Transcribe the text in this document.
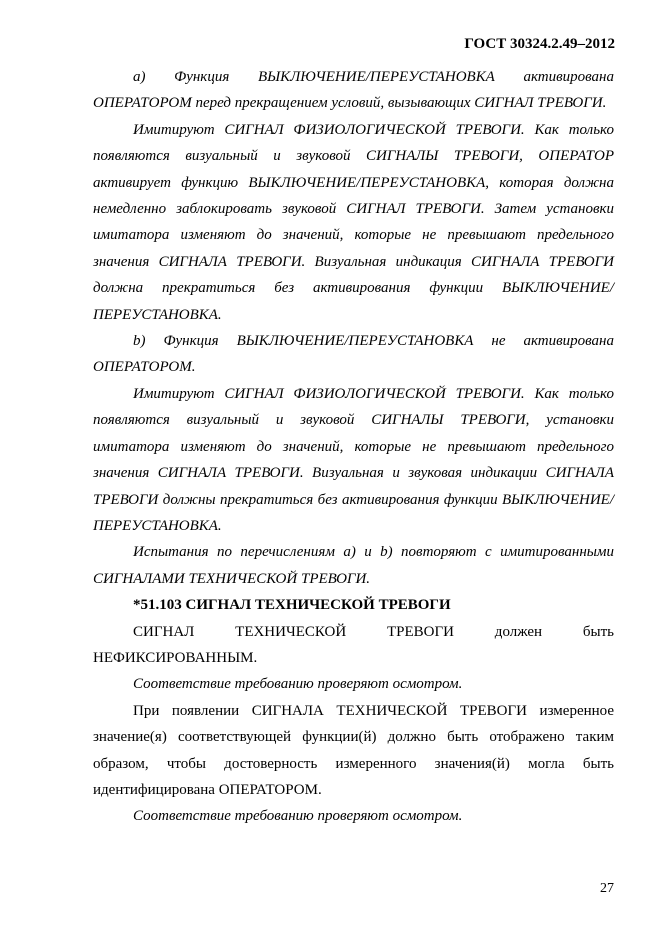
ГОСТ 30324.2.49–2012

а) Функция ВЫКЛЮЧЕНИЕ/ПЕРЕУСТАНОВКА активирована ОПЕРАТОРОМ перед прекращением условий, вызывающих СИГНАЛ ТРЕВОГИ.

Имитируют СИГНАЛ ФИЗИОЛОГИЧЕСКОЙ ТРЕВОГИ. Как только появляются визуальный и звуковой СИГНАЛЫ ТРЕВОГИ, ОПЕРАТОР активирует функцию ВЫКЛЮЧЕНИЕ/ПЕРЕУСТАНОВКА, которая должна немедленно заблокировать звуковой СИГНАЛ ТРЕВОГИ. Затем установки имитатора изменяют до значений, которые не превышают предельного значения СИГНАЛА ТРЕВОГИ. Визуальная индикация СИГНАЛА ТРЕВОГИ должна прекратиться без активирования функции ВЫКЛЮЧЕНИЕ/ПЕРЕУСТАНОВКА.

b) Функция ВЫКЛЮЧЕНИЕ/ПЕРЕУСТАНОВКА не активирована ОПЕРАТОРОМ.

Имитируют СИГНАЛ ФИЗИОЛОГИЧЕСКОЙ ТРЕВОГИ. Как только появляются визуальный и звуковой СИГНАЛЫ ТРЕВОГИ, установки имитатора изменяют до значений, которые не превышают предельного значения СИГНАЛА ТРЕВОГИ. Визуальная и звуковая индикации СИГНАЛА ТРЕВОГИ должны прекратиться без активирования функции ВЫКЛЮЧЕНИЕ/ПЕРЕУСТАНОВКА.

Испытания по перечислениям а) и b) повторяют с имитированными СИГНАЛАМИ ТЕХНИЧЕСКОЙ ТРЕВОГИ.

*51.103 СИГНАЛ ТЕХНИЧЕСКОЙ ТРЕВОГИ

СИГНАЛ ТЕХНИЧЕСКОЙ ТРЕВОГИ должен быть НЕФИКСИРОВАННЫМ.

Соответствие требованию проверяют осмотром.

При появлении СИГНАЛА ТЕХНИЧЕСКОЙ ТРЕВОГИ измеренное значение(я) соответствующей функции(й) должно быть отображено таким образом, чтобы достоверность измеренного значения(й) могла быть идентифицирована ОПЕРАТОРОМ.

Соответствие требованию проверяют осмотром.

27
